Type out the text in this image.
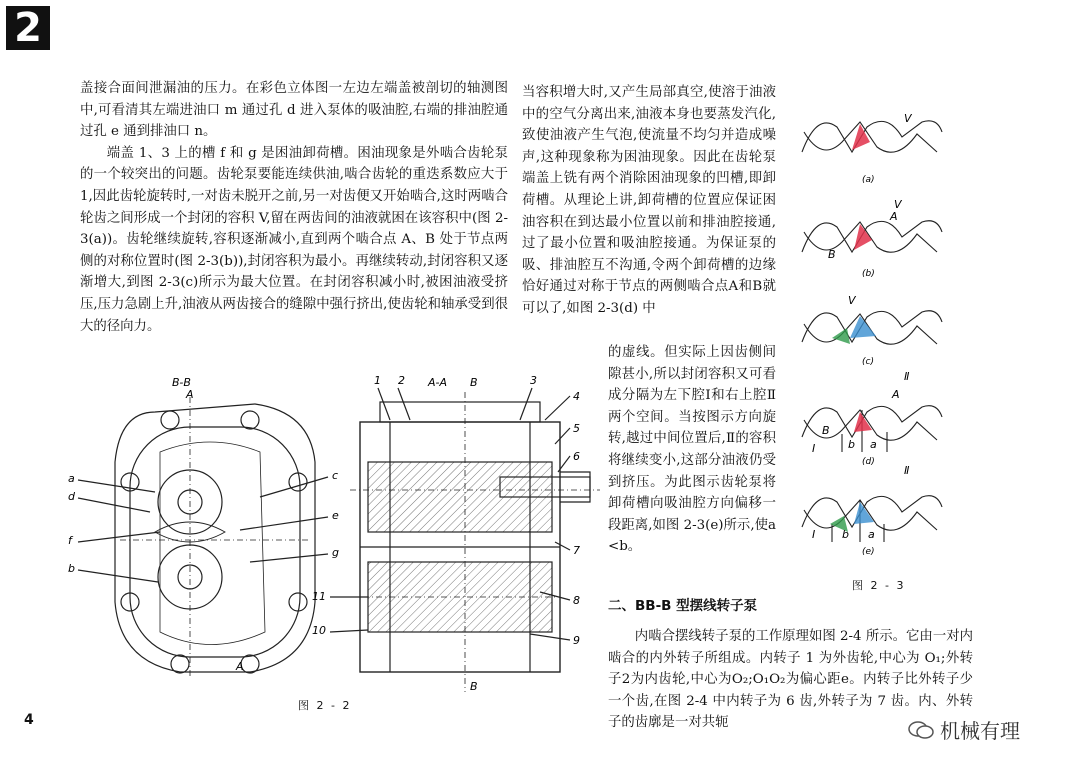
2

盖接合面间泄漏油的压力。在彩色立体图一左边左端盖被剖切的轴测图中,可看清其左端进油口 m 通过孔 d 进入泵体的吸油腔,右端的排油腔通过孔 e 通到排油口 n。

端盖 1、3 上的槽 f 和 g 是困油卸荷槽。困油现象是外啮合齿轮泵的一个较突出的问题。齿轮泵要能连续供油,啮合齿轮的重迭系数应大于 1,因此齿轮旋转时,一对齿未脱开之前,另一对齿便又开始啮合,这时两啮合轮齿之间形成一个封闭的容积 V,留在两齿间的油液就困在该容积中(图 2-3(a))。齿轮继续旋转,容积逐渐减小,直到两个啮合点 A、B 处于节点两侧的对称位置时(图 2-3(b)),封闭容积为最小。再继续转动,封闭容积又逐渐增大,到图 2-3(c)所示为最大位置。在封闭容积减小时,被困油液受挤压,压力急剧上升,油液从两齿接合的缝隙中强行挤出,使齿轮和轴承受到很大的径向力。

当容积增大时,又产生局部真空,使溶于油液中的空气分离出来,油液本身也要蒸发汽化,致使油液产生气泡,使流量不均匀并造成噪声,这种现象称为困油现象。因此在齿轮泵端盖上铣有两个消除困油现象的凹槽,即卸荷槽。从理论上讲,卸荷槽的位置应保证困油容积在到达最小位置以前和排油腔接通,过了最小位置和吸油腔接通。为保证泵的吸、排油腔互不沟通,令两个卸荷槽的边缘恰好通过对称于节点的两侧啮合点A和B就可以了,如图 2-3(d) 中

的虚线。但实际上因齿侧间隙甚小,所以封闭容积又可看成分隔为左下腔Ⅰ和右上腔Ⅱ两个空间。当按图示方向旋转,越过中间位置后,Ⅱ的容积将继续变小,这部分油液仍受到挤压。为此图示齿轮泵将卸荷槽向吸油腔方向偏移一段距离,如图 2-3(e)所示,使a <b。

二、BB-B 型摆线转子泵

内啮合摆线转子泵的工作原理如图 2-4 所示。它由一对内啮合的内外转子所组成。内转子 1 为外齿轮,中心为 O₁;外转子2为内齿轮,中心为O₂;O₁O₂为偏心距e。内转子比外转子少一个齿,在图 2-4 中内转子为 6 齿,外转子为 7 齿。内、外转子的齿廓是一对共轭

B-B
A
A
a
d
f
b
c
e
g
A-A B
B
1 2	3
4
5
6
7
8
9
10
11
图 2 - 2
V
V
A
B
V
A
B
Ⅱ
Ⅰ	b a
Ⅱ
Ⅰ b a
(a)
(b)
(c)
(d)
(e)
图 2 - 3
4	机械有理
